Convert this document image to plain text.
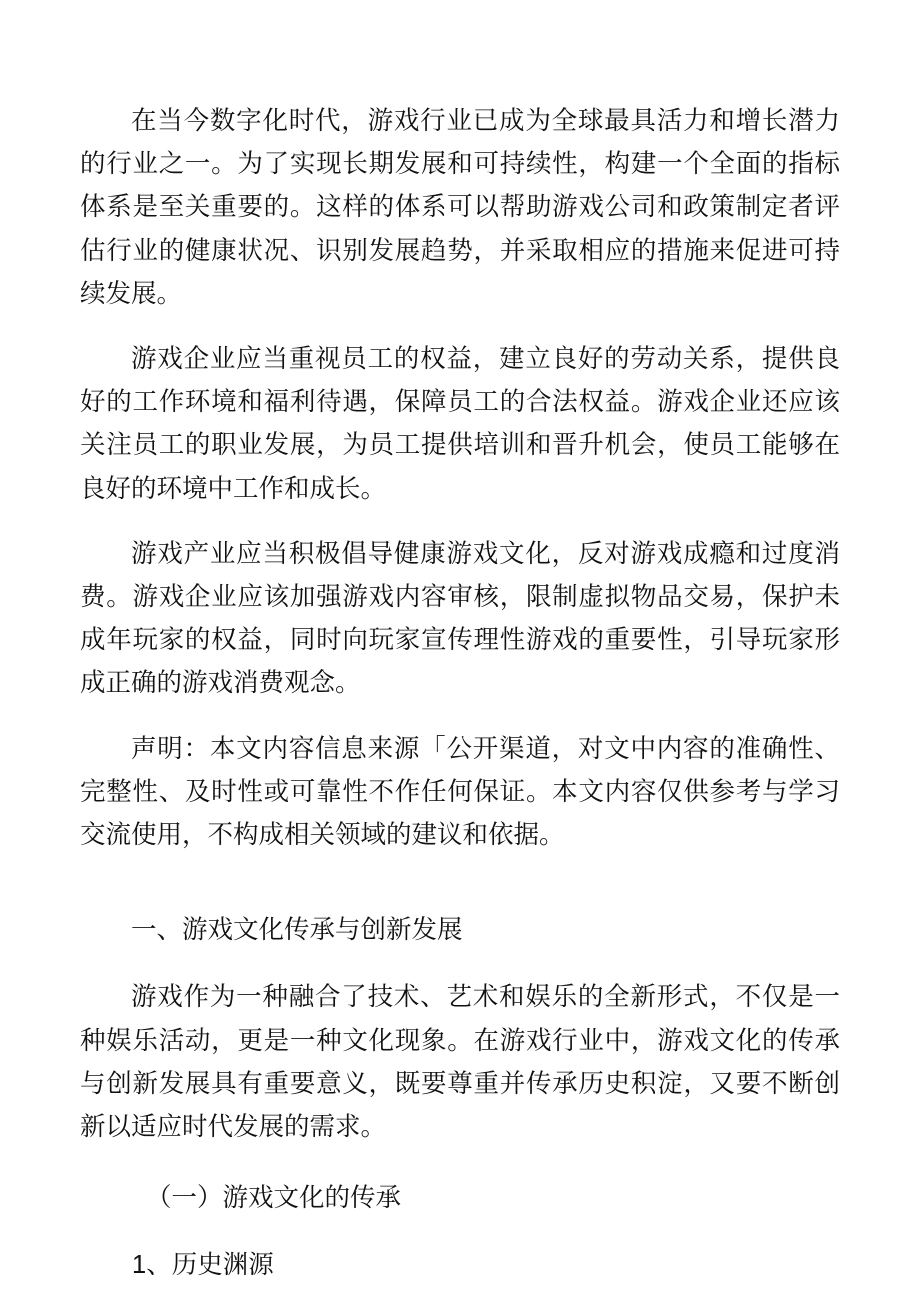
在当今数字化时代，游戏行业已成为全球最具活力和增长潜力的行业之一。为了实现长期发展和可持续性，构建一个全面的指标体系是至关重要的。这样的体系可以帮助游戏公司和政策制定者评估行业的健康状况、识别发展趋势，并采取相应的措施来促进可持续发展。

游戏企业应当重视员工的权益，建立良好的劳动关系，提供良好的工作环境和福利待遇，保障员工的合法权益。游戏企业还应该关注员工的职业发展，为员工提供培训和晋升机会，使员工能够在良好的环境中工作和成长。

游戏产业应当积极倡导健康游戏文化，反对游戏成瘾和过度消费。游戏企业应该加强游戏内容审核，限制虚拟物品交易，保护未成年玩家的权益，同时向玩家宣传理性游戏的重要性，引导玩家形成正确的游戏消费观念。

声明：本文内容信息来源「公开渠道，对文中内容的准确性、完整性、及时性或可靠性不作任何保证。本文内容仅供参考与学习交流使用，不构成相关领域的建议和依据。

一、游戏文化传承与创新发展

游戏作为一种融合了技术、艺术和娱乐的全新形式，不仅是一种娱乐活动，更是一种文化现象。在游戏行业中，游戏文化的传承与创新发展具有重要意义，既要尊重并传承历史积淀，又要不断创新以适应时代发展的需求。

（一）游戏文化的传承

1、历史渊源
